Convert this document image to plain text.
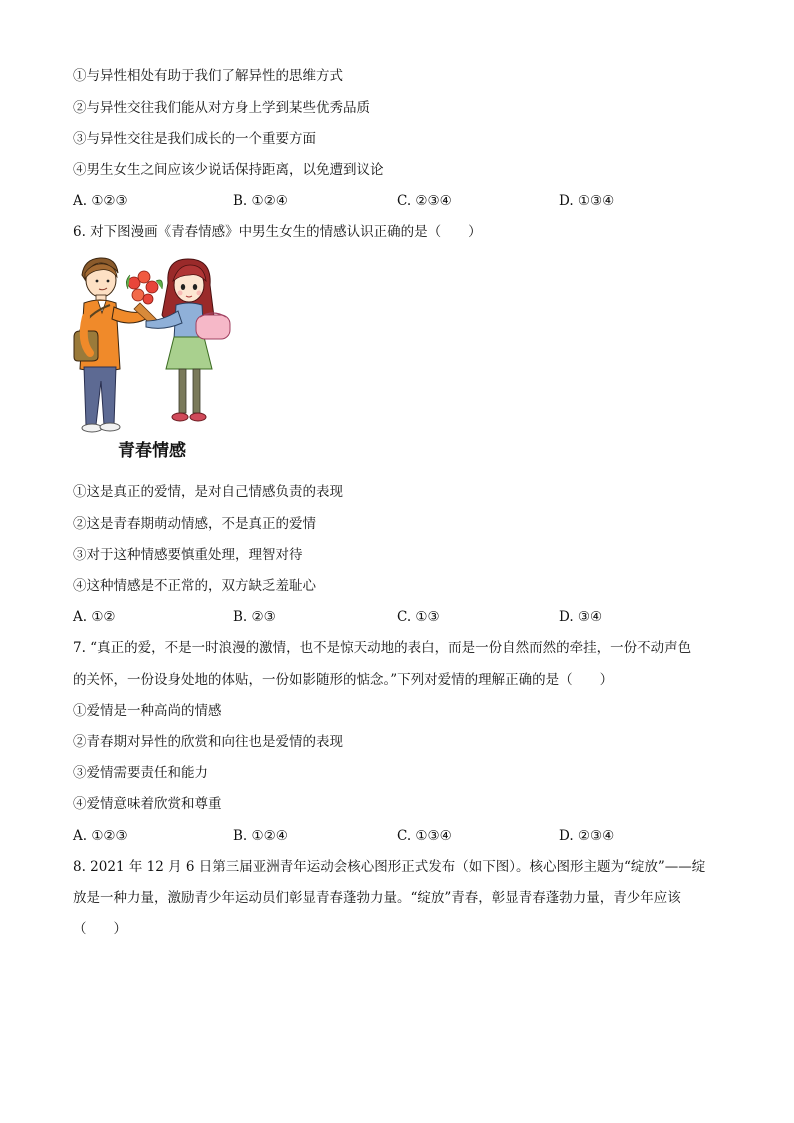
①与异性相处有助于我们了解异性的思维方式
②与异性交往我们能从对方身上学到某些优秀品质
③与异性交往是我们成长的一个重要方面
④男生女生之间应该少说话保持距离，以免遭到议论
A. ①②③	B. ①②④	C. ②③④	D. ①③④
6. 对下图漫画《青春情感》中男生女生的情感认识正确的是（　　）
青春情感
①这是真正的爱情，是对自己情感负责的表现
②这是青春期萌动情感，不是真正的爱情
③对于这种情感要慎重处理，理智对待
④这种情感是不正常的，双方缺乏羞耻心
A. ①②	B. ②③	C. ①③	D. ③④
7. “真正的爱，不是一时浪漫的激情，也不是惊天动地的表白，而是一份自然而然的牵挂，一份不动声色
的关怀，一份设身处地的体贴，一份如影随形的惦念。”下列对爱情的理解正确的是（　　）
①爱情是一种高尚的情感
②青春期对异性的欣赏和向往也是爱情的表现
③爱情需要责任和能力
④爱情意味着欣赏和尊重
A. ①②③	B. ①②④	C. ①③④	D. ②③④
8. 2021 年 12 月 6 日第三届亚洲青年运动会核心图形正式发布（如下图）。核心图形主题为“绽放”——绽
放是一种力量，激励青少年运动员们彰显青春蓬勃力量。“绽放”青春，彰显青春蓬勃力量，青少年应该
（　　）
